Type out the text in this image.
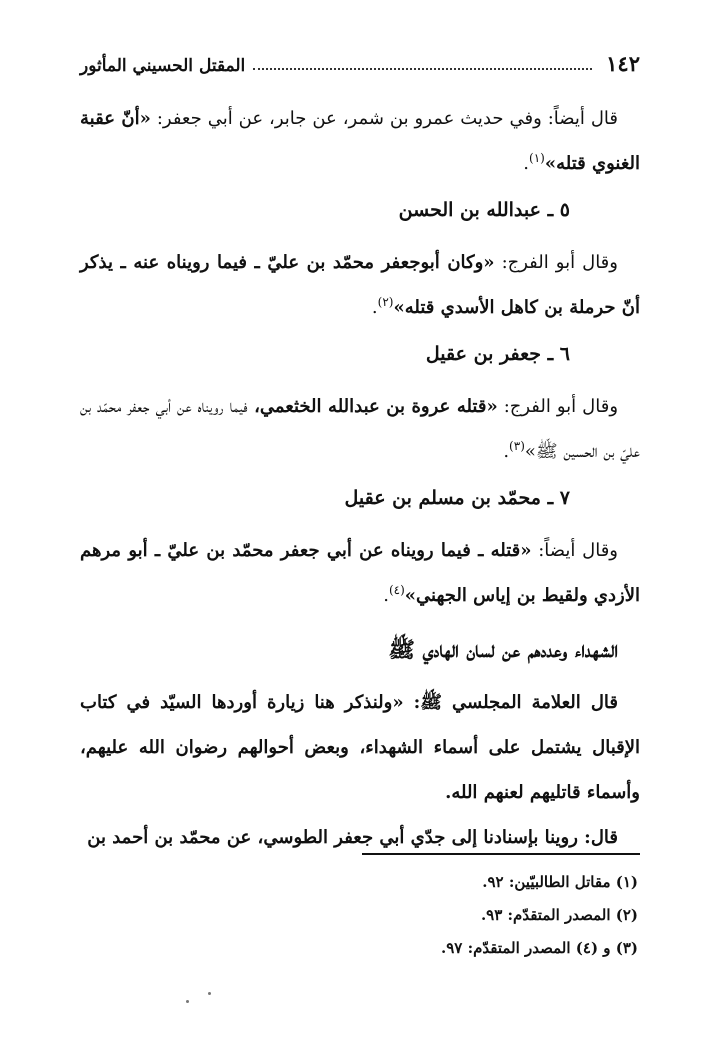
١٤٢
المقتل الحسيني المأثور

قال أيضاً: وفي حديث عمرو بن شمر، عن جابر، عن أبي جعفر: «أنّ عقبة الغنوي قتله»$^{(١)}$.

٥ ـ عبدالله بن الحسن

وقال أبو الفرج: «وكان أبوجعفر محمّد بن عليّ ـ فيما رويناه عنه ـ يذكر أنّ حرملة بن كاهل الأسدي قتله»$^{(٢)}$.

٦ ـ جعفر بن عقيل

وقال أبو الفرج: «قتله عروة بن عبدالله الخثعمي، فيما رويناه عن أبي جعفر محمّد بن عليّ بن الحسين ﷺ»$^{(٣)}$.

٧ ـ محمّد بن مسلم بن عقيل

وقال أيضاً: «قتله ـ فيما رويناه عن أبي جعفر محمّد بن عليّ ـ أبو مرهم الأزدي ولقيط بن إياس الجهني»$^{(٤)}$.

الشهداء وعددهم عن لسان الهادي ﷺ

قال العلامة المجلسي ﷺ: «ولنذكر هنا زيارة أوردها السيّد في كتاب الإقبال يشتمل على أسماء الشهداء، وبعض أحوالهم رضوان الله عليهم، وأسماء قاتليهم لعنهم الله.

قال: روينا بإسنادنا إلى جدّي أبي جعفر الطوسي، عن محمّد بن أحمد بن

(١) مقاتل الطالبيّين: ٩٢.
(٢) المصدر المتقدّم: ٩٣.
(٣) و (٤) المصدر المتقدّم: ٩٧.
